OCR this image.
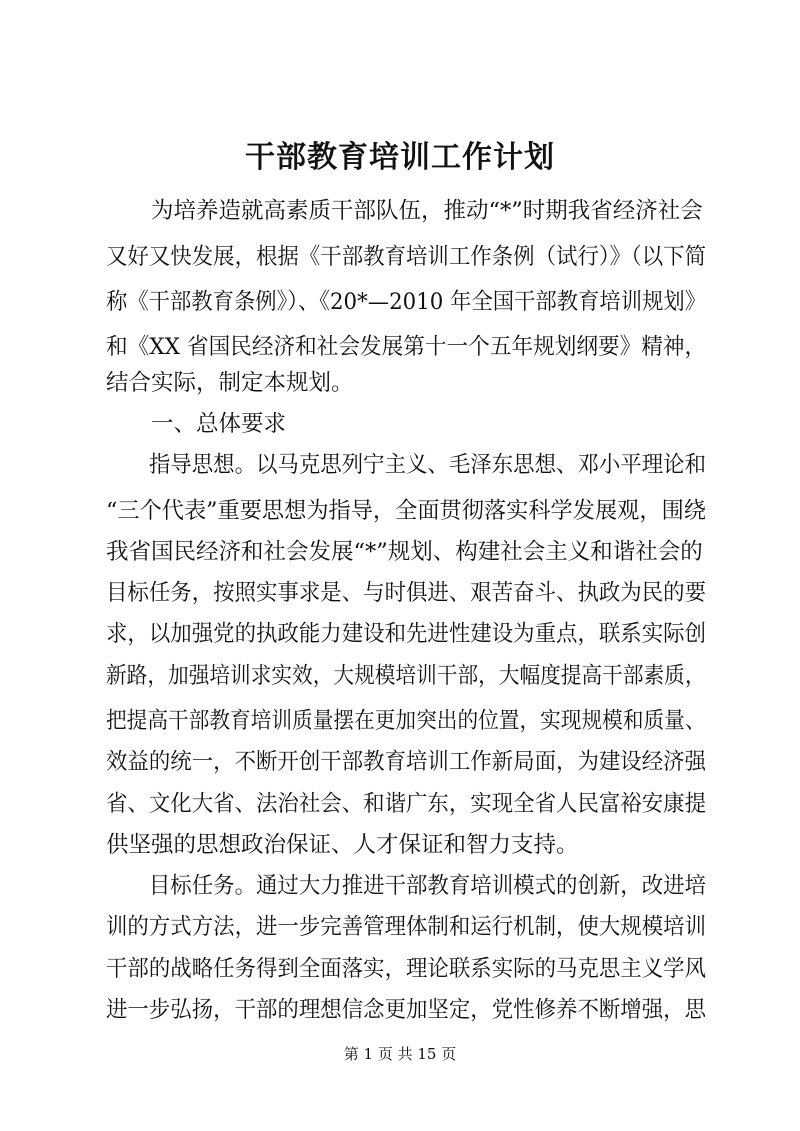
干部教育培训工作计划
　　为培养造就高素质干部队伍，推动“*”时期我省经济社会
又好又快发展，根据《干部教育培训工作条例（试行）》（以下简
称《干部教育条例》）、《20*—2010 年全国干部教育培训规划》
和《XX 省国民经济和社会发展第十一个五年规划纲要》精神，
结合实际，制定本规划。
　　一、总体要求
　　指导思想。以马克思列宁主义、毛泽东思想、邓小平理论和
“三个代表”重要思想为指导，全面贯彻落实科学发展观，围绕
我省国民经济和社会发展“*”规划、构建社会主义和谐社会的
目标任务，按照实事求是、与时俱进、艰苦奋斗、执政为民的要
求，以加强党的执政能力建设和先进性建设为重点，联系实际创
新路，加强培训求实效，大规模培训干部，大幅度提高干部素质，
把提高干部教育培训质量摆在更加突出的位置，实现规模和质量、
效益的统一，不断开创干部教育培训工作新局面，为建设经济强
省、文化大省、法治社会、和谐广东，实现全省人民富裕安康提
供坚强的思想政治保证、人才保证和智力支持。
　　目标任务。通过大力推进干部教育培训模式的创新，改进培
训的方式方法，进一步完善管理体制和运行机制，使大规模培训
干部的战略任务得到全面落实，理论联系实际的马克思主义学风
进一步弘扬，干部的理想信念更加坚定，党性修养不断增强，思
第 1 页 共 15 页
